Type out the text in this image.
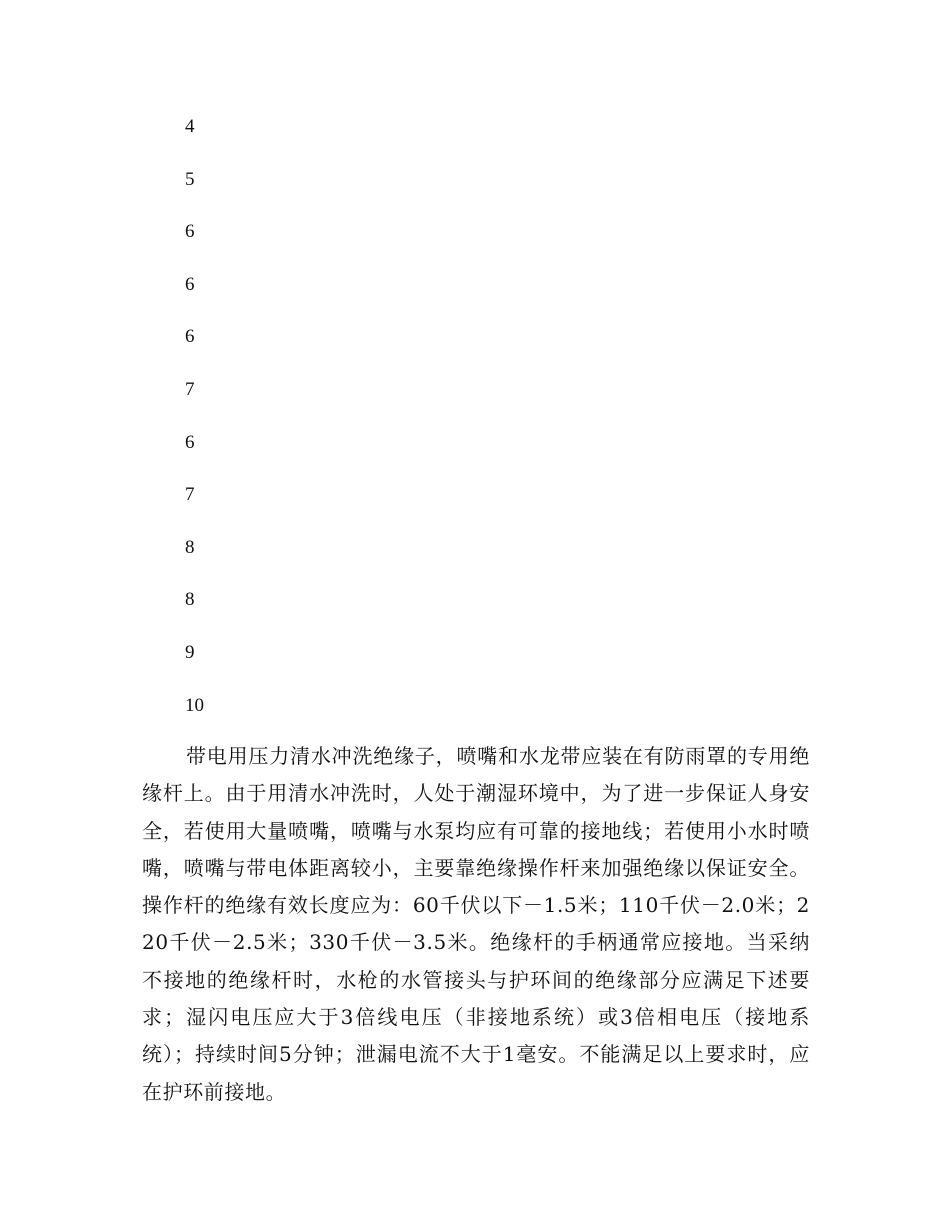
4
5
6
6
6
7
6
7
8
8
9
10

带电用压力清水冲洗绝缘子，喷嘴和水龙带应装在有防雨罩的专用绝缘杆上。由于用清水冲洗时，人处于潮湿环境中，为了进一步保证人身安全，若使用大量喷嘴，喷嘴与水泵均应有可靠的接地线；若使用小水时喷嘴，喷嘴与带电体距离较小，主要靠绝缘操作杆来加强绝缘以保证安全。操作杆的绝缘有效长度应为：60千伏以下－1.5米；110千伏－2.0米；220千伏－2.5米；330千伏－3.5米。绝缘杆的手柄通常应接地。当采纳不接地的绝缘杆时，水枪的水管接头与护环间的绝缘部分应满足下述要求；湿闪电压应大于3倍线电压（非接地系统）或3倍相电压（接地系统）；持续时间5分钟；泄漏电流不大于1毫安。不能满足以上要求时，应在护环前接地。
